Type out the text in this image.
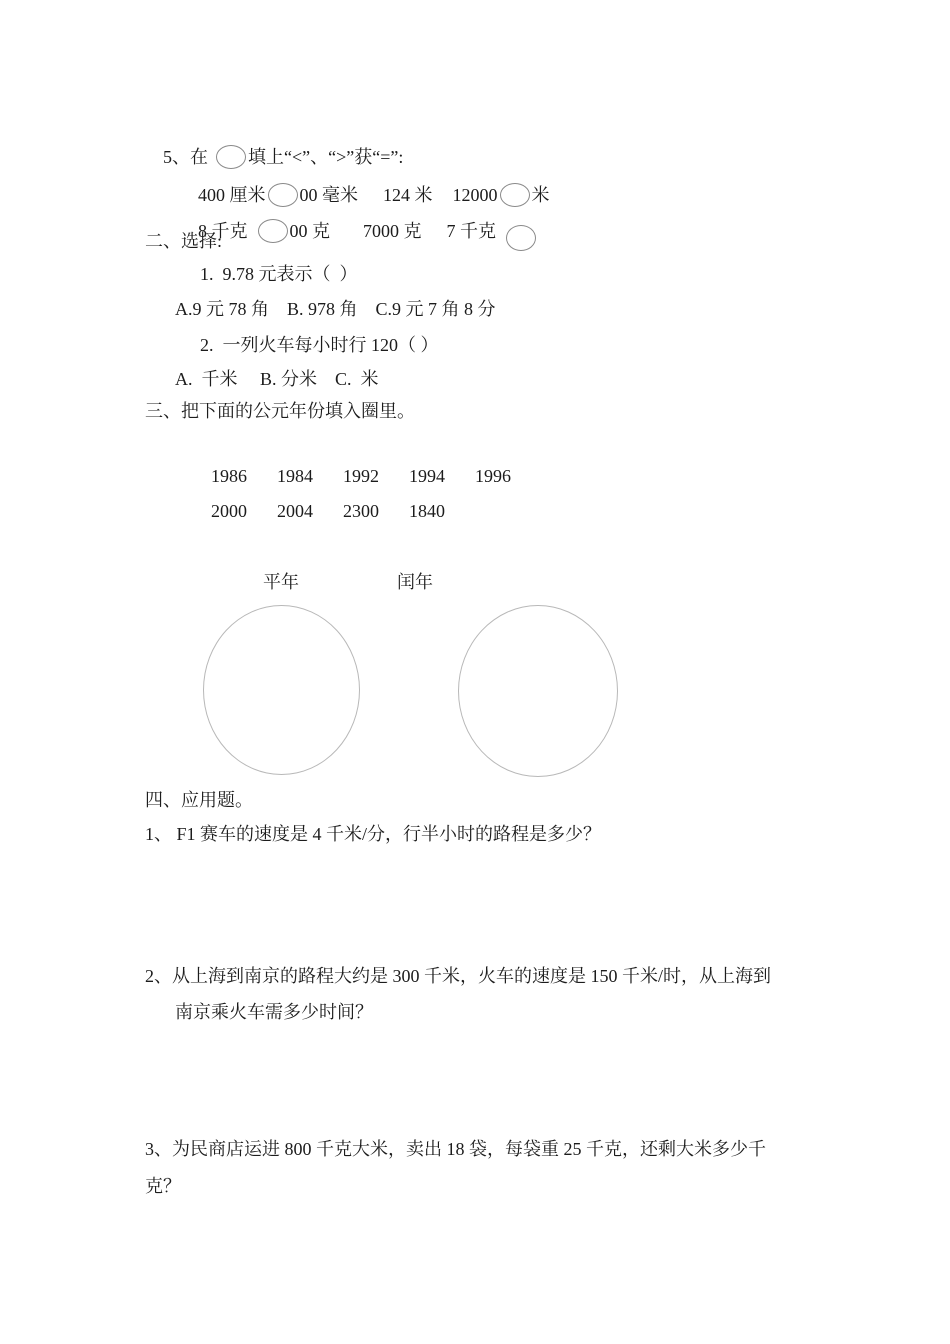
5、在 填上“<”、“>”获“=”:

400 厘米 00 毫米 124 米 12000 米

8 千克 00 克 7000 克 7 千克

二、选择:
1.  9.78 元表示（  ）
A.9 元 78 角    B. 978 角    C.9 元 7 角 8 分
2.  一列火车每小时行 120（ ）
A.  千米     B. 分米    C.  米
三、把下面的公元年份填入圈里。

1986 1984 1992 1994 1996

2000 2004 2300 1840

平年	闰年

四、应用题。
1、 F1 赛车的速度是 4 千米/分，行半小时的路程是多少？
2、从上海到南京的路程大约是 300 千米，火车的速度是 150 千米/时，从上海到
南京乘火车需多少时间？
3、为民商店运进 800 千克大米，卖出 18 袋，每袋重 25 千克，还剩大米多少千
克？
